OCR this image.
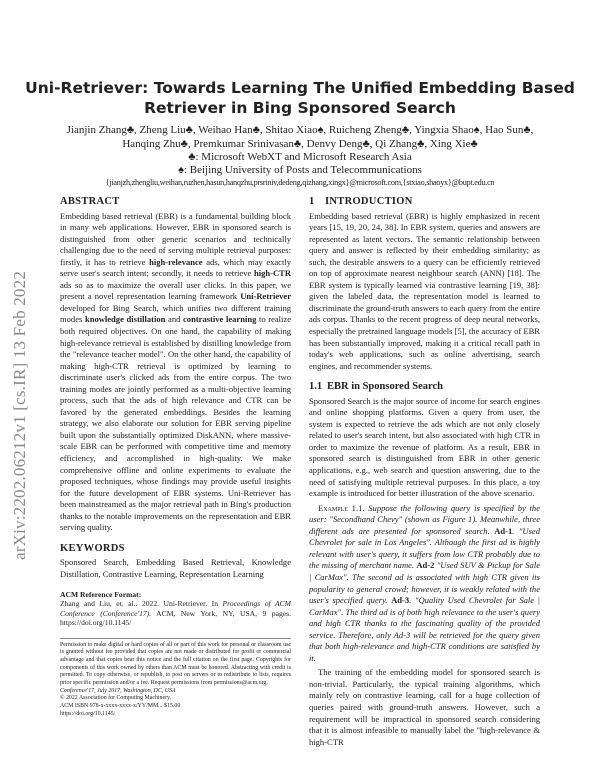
arXiv:2202.06212v1 [cs.IR] 13 Feb 2022
Uni-Retriever: Towards Learning The Unified Embedding Based Retriever in Bing Sponsored Search
Jianjin Zhang♣, Zheng Liu♣, Weihao Han♣, Shitao Xiao♠, Ruicheng Zheng♣, Yingxia Shao♠, Hao Sun♣, Hanqing Zhu♣, Premkumar Srinivasan♣, Denvy Deng♣, Qi Zhang♣, Xing Xie♣
♣: Microsoft WebXT and Microsoft Research Asia
♠: Beijing University of Posts and Telecommunications
{jianjzh,zhengliu,weihan,ruzhen,hasun,hanqzhu,prsriniv,dedeng,qizhang,xingx}@microsoft.com,{stxiao,shaoyx}@bupt.edu.cn
ABSTRACT

Embedding based retrieval (EBR) is a fundamental building block in many web applications. However, EBR in sponsored search is distinguished from other generic scenarios and technically challenging due to the need of serving multiple retrieval purposes: firstly, it has to retrieve high-relevance ads, which may exactly serve user's search intent; secondly, it needs to retrieve high-CTR ads so as to maximize the overall user clicks. In this paper, we present a novel representation learning framework Uni-Retriever developed for Bing Search, which unifies two different training modes knowledge distillation and contrastive learning to realize both required objectives. On one hand, the capability of making high-relevance retrieval is established by distilling knowledge from the "relevance teacher model". On the other hand, the capability of making high-CTR retrieval is optimized by learning to discriminate user's clicked ads from the entire corpus. The two training modes are jointly performed as a multi-objective learning process, such that the ads of high relevance and CTR can be favored by the generated embeddings. Besides the learning strategy, we also elaborate our solution for EBR serving pipeline built upon the substantially optimized DiskANN, where massive-scale EBR can be performed with competitive time and memory efficiency, and accomplished in high-quality. We make comprehensive offline and online experiments to evaluate the proposed techniques, whose findings may provide useful insights for the future development of EBR systems. Uni-Retriever has been mainstreamed as the major retrieval path in Bing's production thanks to the notable improvements on the representation and EBR serving quality.

KEYWORDS

Sponsored Search, Embedding Based Retrieval, Knowledge Distillation, Contrastive Learning, Representation Learning

ACM Reference Format:
Zhang and Liu, et. al.. 2022. Uni-Retriever. In Proceedings of ACM Conference (Conference'17). ACM, New York, NY, USA, 9 pages. https://doi.org/10.1145/

Permission to make digital or hard copies of all or part of this work for personal or classroom use is granted without fee provided that copies are not made or distributed for profit or commercial advantage and that copies bear this notice and the full citation on the first page. Copyrights for components of this work owned by others than ACM must be honored. Abstracting with credit is permitted. To copy otherwise, or republish, to post on servers or to redistribute to lists, requires prior specific permission and/or a fee. Request permissions from permissions@acm.org.

Conference'17, July 2017, Washington, DC, USA

© 2022 Association for Computing Machinery.

ACM ISBN 978-x-xxxx-xxxx-x/YY/MM... $15.00

https://doi.org/10.1145/

1 INTRODUCTION

Embedding based retrieval (EBR) is highly emphasized in recent years [15, 19, 20, 24, 38]. In EBR system, queries and answers are represented as latent vectors. The semantic relationship between query and answer is reflected by their embedding similarity; as such, the desirable answers to a query can be efficiently retrieved on top of approximate nearest neighbour search (ANN) [18]. The EBR system is typically learned via contrastive learning [19, 38]: given the labeled data, the representation model is learned to discriminate the ground-truth answers to each query from the entire ads corpus. Thanks to the recent progress of deep neural networks, especially the pretrained language models [5], the accuracy of EBR has been substantially improved, making it a critical recall path in today's web applications, such as online advertising, search engines, and recommender systems.

1.1 EBR in Sponsored Search

Sponsored Search is the major source of income for search engines and online shopping platforms. Given a query from user, the system is expected to retrieve the ads which are not only closely related to user's search intent, but also associated with high CTR in order to maximize the revenue of platform. As a result, EBR in sponsored search is distinguished from EBR in other generic applications, e.g., web search and question answering, due to the need of satisfying multiple retrieval purposes. In this place, a toy example is introduced for better illustration of the above scenario.

Example 1.1. Suppose the following query is specified by the user: "Secondhand Chevy" (shown as Figure 1). Meanwhile, three different ads are presented for sponsored search. Ad-1. "Used Chevrolet for sale in Los Angeles". Although the first ad is highly relevant with user's query, it suffers from low CTR probably due to the missing of merchant name. Ad-2 "Used SUV & Pickup for Sale | CarMax". The second ad is associated with high CTR given its popularity to general crowd; however, it is weakly related with the user's specified query. Ad-3. "Quality Used Chevrolet for Sale | CarMax". The third ad is of both high relevance to the user's query and high CTR thanks to the fascinating quality of the provided service. Therefore, only Ad-3 will be retrieved for the query given that both high-relevance and high-CTR conditions are satisfied by it.

The training of the embedding model for sponsored search is non-trivial. Particularly, the typical training algorithms, which mainly rely on contrastive learning, call for a huge collection of queries paired with ground-truth answers. However, such a requirement will be impractical in sponsored search considering that it is almost infeasible to manually label the "high-relevance & high-CTR
